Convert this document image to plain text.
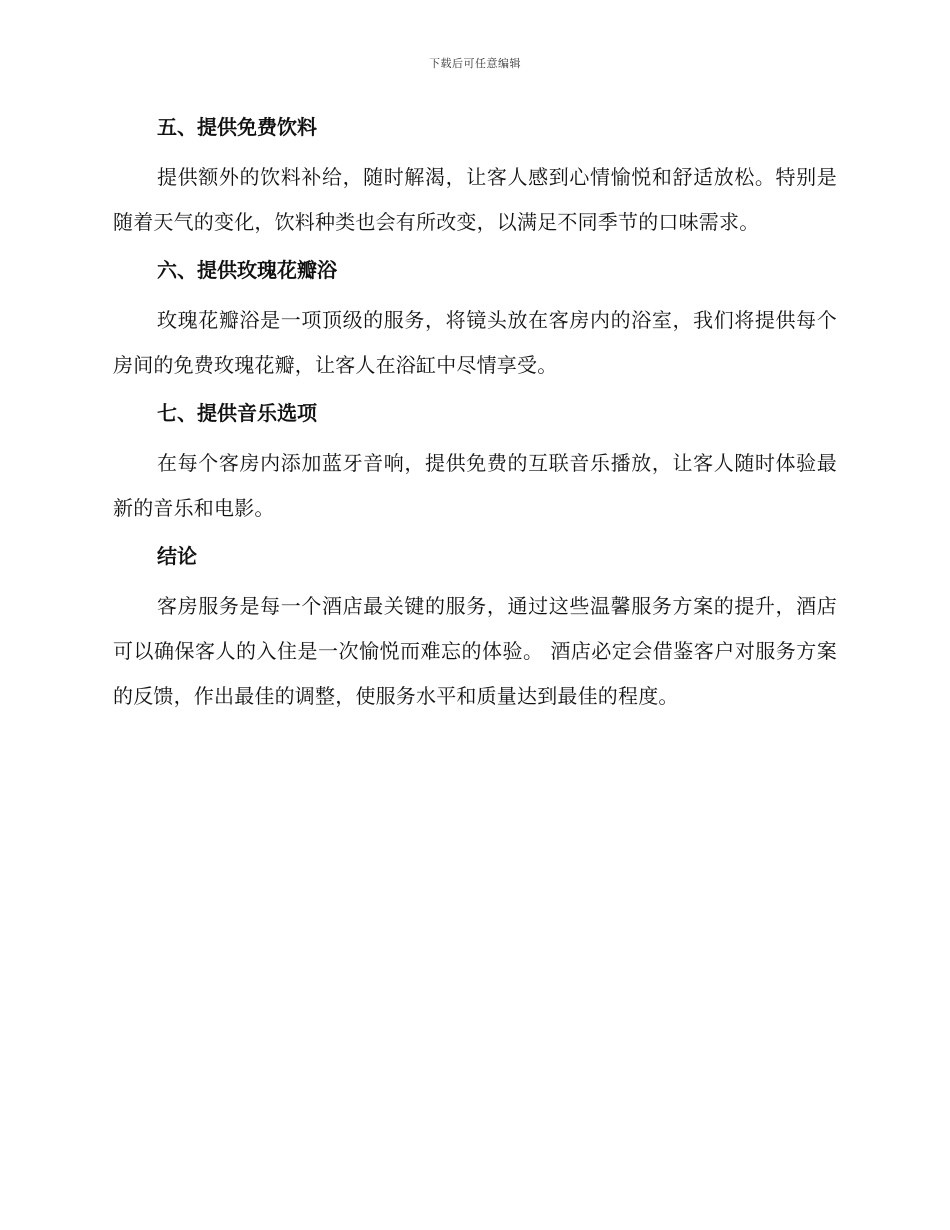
下载后可任意编辑
五、提供免费饮料

提供额外的饮料补给，随时解渴，让客人感到心情愉悦和舒适放松。特别是随着天气的变化，饮料种类也会有所改变，以满足不同季节的口味需求。

六、提供玫瑰花瓣浴

玫瑰花瓣浴是一项顶级的服务，将镜头放在客房内的浴室，我们将提供每个房间的免费玫瑰花瓣，让客人在浴缸中尽情享受。

七、提供音乐选项

在每个客房内添加蓝牙音响，提供免费的互联音乐播放，让客人随时体验最新的音乐和电影。

结论

客房服务是每一个酒店最关键的服务，通过这些温馨服务方案的提升，酒店可以确保客人的入住是一次愉悦而难忘的体验。 酒店必定会借鉴客户对服务方案的反馈，作出最佳的调整，使服务水平和质量达到最佳的程度。
